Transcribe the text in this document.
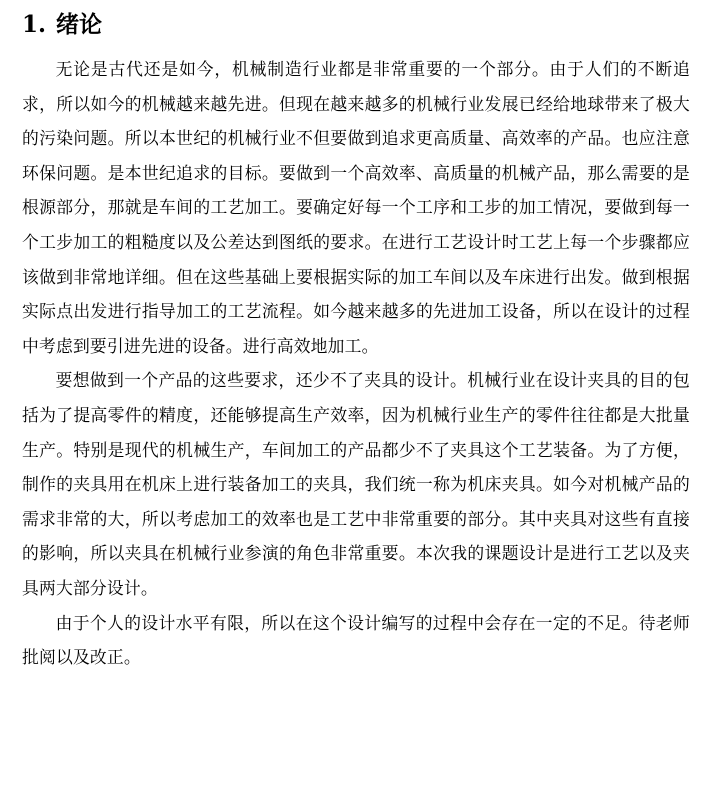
1. 绪论

无论是古代还是如今，机械制造行业都是非常重要的一个部分。由于人们的不断追求，所以如今的机械越来越先进。但现在越来越多的机械行业发展已经给地球带来了极大的污染问题。所以本世纪的机械行业不但要做到追求更高质量、高效率的产品。也应注意环保问题。是本世纪追求的目标。要做到一个高效率、高质量的机械产品，那么需要的是根源部分，那就是车间的工艺加工。要确定好每一个工序和工步的加工情况，要做到每一个工步加工的粗糙度以及公差达到图纸的要求。在进行工艺设计时工艺上每一个步骤都应该做到非常地详细。但在这些基础上要根据实际的加工车间以及车床进行出发。做到根据实际点出发进行指导加工的工艺流程。如今越来越多的先进加工设备，所以在设计的过程中考虑到要引进先进的设备。进行高效地加工。

要想做到一个产品的这些要求，还少不了夹具的设计。机械行业在设计夹具的目的包括为了提高零件的精度，还能够提高生产效率，因为机械行业生产的零件往往都是大批量生产。特别是现代的机械生产，车间加工的产品都少不了夹具这个工艺装备。为了方便，制作的夹具用在机床上进行装备加工的夹具，我们统一称为机床夹具。如今对机械产品的需求非常的大，所以考虑加工的效率也是工艺中非常重要的部分。其中夹具对这些有直接的影响，所以夹具在机械行业参演的角色非常重要。本次我的课题设计是进行工艺以及夹具两大部分设计。

由于个人的设计水平有限，所以在这个设计编写的过程中会存在一定的不足。待老师批阅以及改正。
